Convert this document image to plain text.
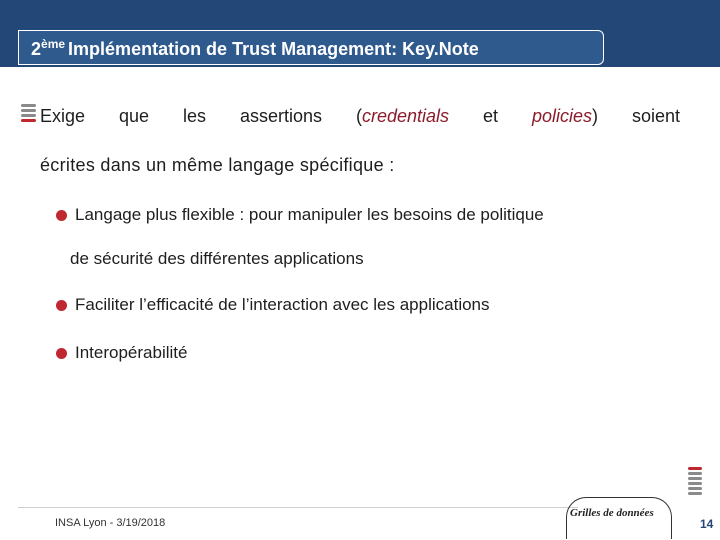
2ème Implémentation de Trust Management: Key.Note
Exige que les assertions (credentials et policies) soient
écrites dans un même langage spécifique :
Langage plus flexible : pour manipuler les besoins de politique
de sécurité des différentes applications
Faciliter l’efficacité de l’interaction avec les applications
Interopérabilité
INSA Lyon - 3/19/2018
Grilles de données
14
